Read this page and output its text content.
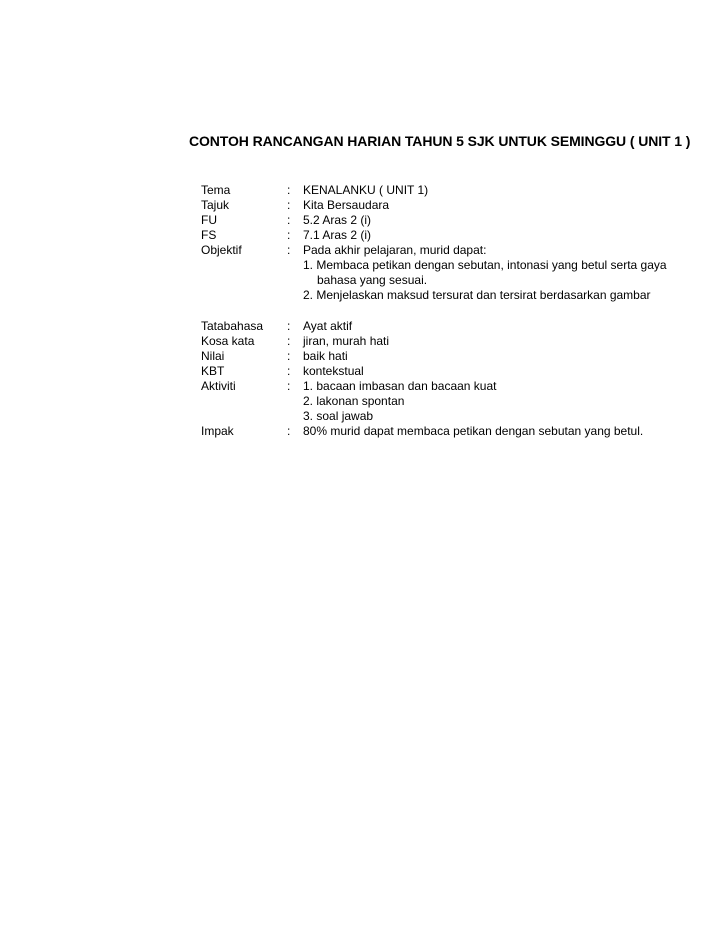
CONTOH RANCANGAN HARIAN TAHUN 5 SJK UNTUK SEMINGGU ( UNIT 1 )
Tema	:	KENALANKU ( UNIT 1)
Tajuk	:	Kita Bersaudara
FU	:	5.2 Aras 2 (i)
FS	:	7.1 Aras 2 (i)
Objektif	:	Pada akhir pelajaran, murid dapat:
1. Membaca petikan dengan sebutan, intonasi yang betul serta gaya
bahasa yang sesuai.
2. Menjelaskan maksud tersurat dan tersirat berdasarkan gambar
Tatabahasa	:	Ayat aktif
Kosa kata	:	jiran, murah hati
Nilai	:	baik hati
KBT	:	kontekstual
Aktiviti	:	1. bacaan imbasan dan bacaan kuat
2. lakonan spontan
3. soal jawab
Impak	:	80% murid dapat membaca petikan dengan sebutan yang betul.
